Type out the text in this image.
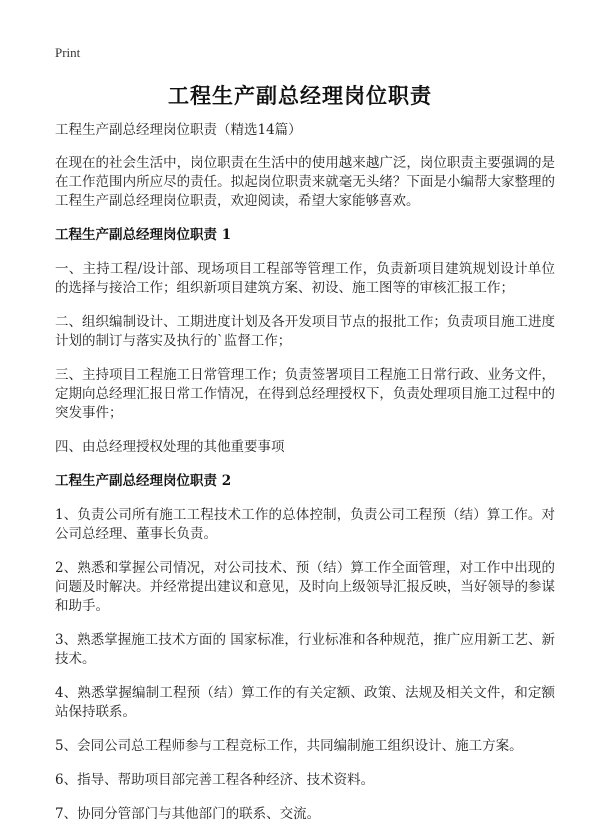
Print
工程生产副总经理岗位职责

工程生产副总经理岗位职责（精选14篇）

在现在的社会生活中，岗位职责在生活中的使用越来越广泛，岗位职责主要强调的是在工作范围内所应尽的责任。拟起岗位职责来就毫无头绪？下面是小编帮大家整理的工程生产副总经理岗位职责，欢迎阅读，希望大家能够喜欢。

工程生产副总经理岗位职责 1

一、主持工程/设计部、现场项目工程部等管理工作，负责新项目建筑规划设计单位的选择与接洽工作；组织新项目建筑方案、初设、施工图等的审核汇报工作；

二、组织编制设计、工期进度计划及各开发项目节点的报批工作；负责项目施工进度计划的制订与落实及执行的`监督工作；

三、主持项目工程施工日常管理工作；负责签署项目工程施工日常行政、业务文件，定期向总经理汇报日常工作情况，在得到总经理授权下，负责处理项目施工过程中的突发事件；

四、由总经理授权处理的其他重要事项

工程生产副总经理岗位职责 2

1、负责公司所有施工工程技术工作的总体控制，负责公司工程预（结）算工作。对公司总经理、董事长负责。

2、熟悉和掌握公司情况，对公司技术、预（结）算工作全面管理，对工作中出现的问题及时解决。并经常提出建议和意见，及时向上级领导汇报反映，当好领导的参谋和助手。

3、熟悉掌握施工技术方面的 国家标准，行业标准和各种规范，推广应用新工艺、新技术。

4、熟悉掌握编制工程预（结）算工作的有关定额、政策、法规及相关文件，和定额站保持联系。

5、会同公司总工程师参与工程竞标工作，共同编制施工组织设计、施工方案。

6、指导、帮助项目部完善工程各种经济、技术资料。

7、协同分管部门与其他部门的联系、交流。
